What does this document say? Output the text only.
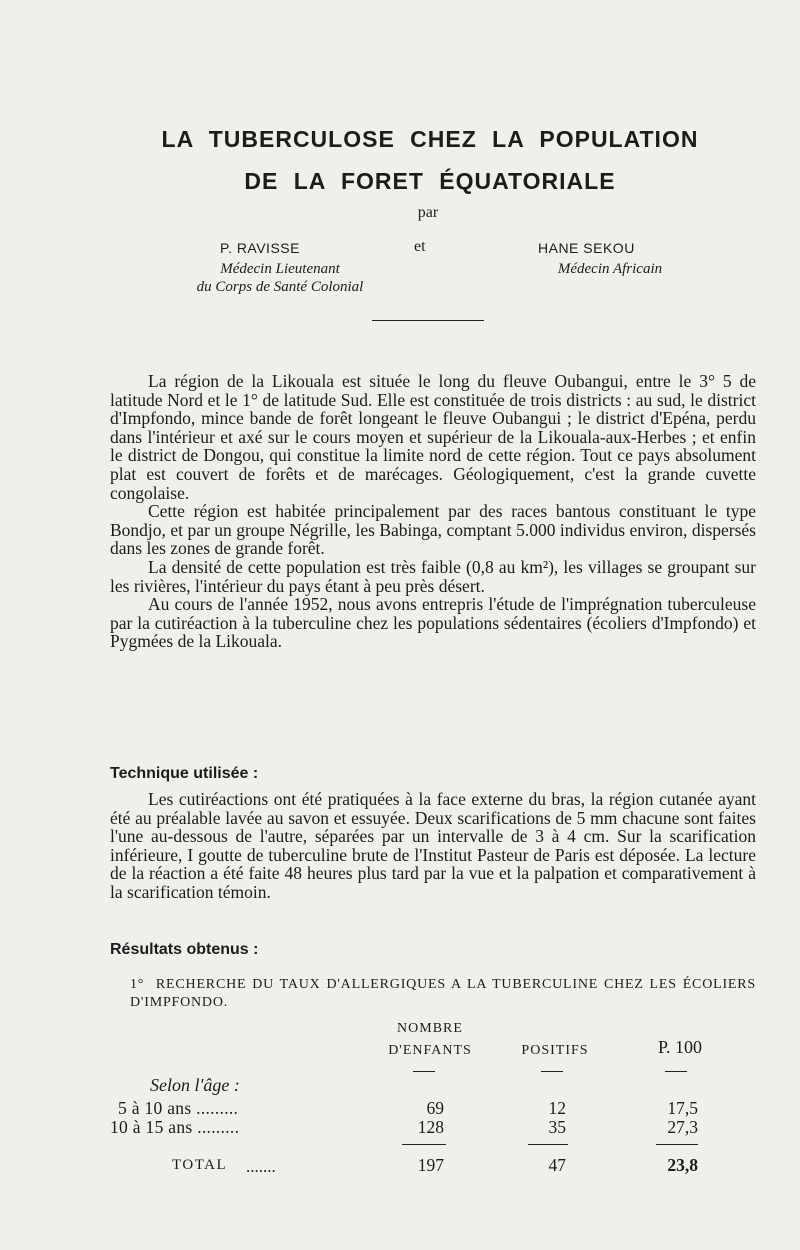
LA TUBERCULOSE CHEZ LA POPULATION
DE LA FORET ÉQUATORIALE
par
P. RAVISSE	et	HANE SEKOU
Médecin Lieutenant
du Corps de Santé Colonial
Médecin Africain

La région de la Likouala est située le long du fleuve Oubangui, entre le 3° 5 de latitude Nord et le 1° de latitude Sud. Elle est constituée de trois districts : au sud, le district d'Impfondo, mince bande de forêt longeant le fleuve Oubangui ; le district d'Epéna, perdu dans l'intérieur et axé sur le cours moyen et supérieur de la Likouala-aux-Herbes ; et enfin le district de Dongou, qui constitue la limite nord de cette région. Tout ce pays absolument plat est couvert de forêts et de marécages. Géologiquement, c'est la grande cuvette congolaise.

Cette région est habitée principalement par des races bantous constituant le type Bondjo, et par un groupe Négrille, les Babinga, comptant 5.000 individus environ, dispersés dans les zones de grande forêt.

La densité de cette population est très faible (0,8 au km²), les villages se groupant sur les rivières, l'intérieur du pays étant à peu près désert.

Au cours de l'année 1952, nous avons entrepris l'étude de l'imprégnation tuberculeuse par la cutiréaction à la tuberculine chez les populations sédentaires (écoliers d'Impfondo) et Pygmées de la Likouala.

Technique utilisée :

Les cutiréactions ont été pratiquées à la face externe du bras, la région cutanée ayant été au préalable lavée au savon et essuyée. Deux scarifications de 5 mm chacune sont faites l'une au-dessous de l'autre, séparées par un intervalle de 3 à 4 cm. Sur la scarification inférieure, I goutte de tuberculine brute de l'Institut Pasteur de Paris est déposée. La lecture de la réaction a été faite 48 heures plus tard par la vue et la palpation et comparativement à la scarification témoin.

Résultats obtenus :
1° RECHERCHE DU TAUX D'ALLERGIQUES A LA TUBERCULINE CHEZ LES ÉCOLIERS D'IMPFONDO.
NOMBRE
D'ENFANTS	POSITIFS	P. 100
Selon l'âge :
5 à 10 ans .........	69	12	17,5
10 à 15 ans .........	128	35	27,3
TOTAL .......	197	47	23,8
